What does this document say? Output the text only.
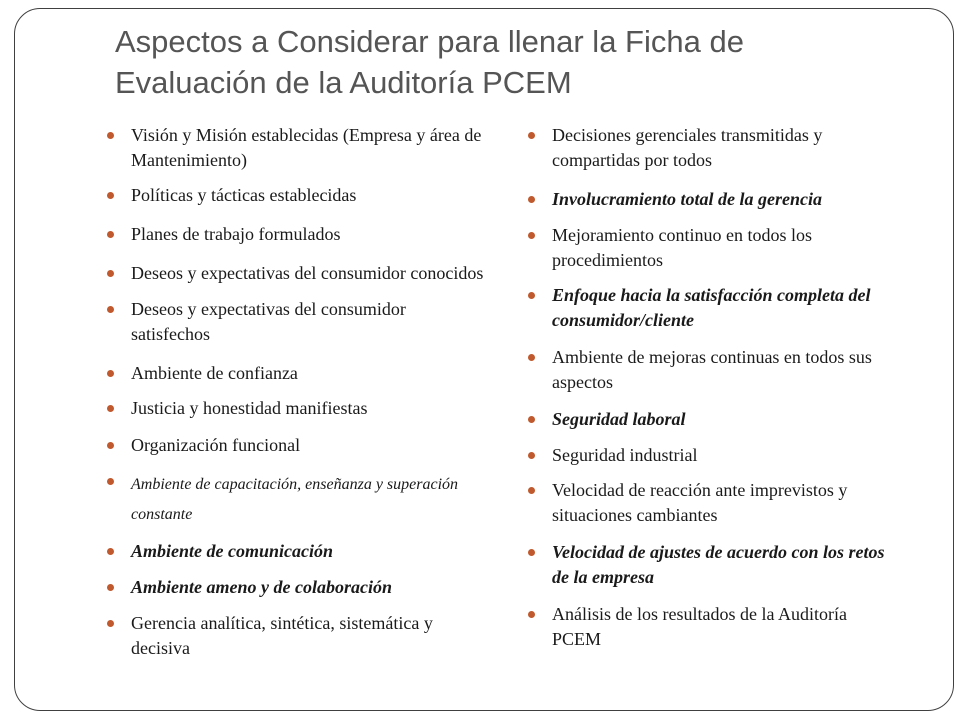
Aspectos a Considerar para llenar la Ficha de
Evaluación de la Auditoría PCEM
Visión y Misión establecidas (Empresa y área de Mantenimiento)
Políticas y tácticas establecidas
Planes de trabajo formulados
Deseos y expectativas del consumidor conocidos
Deseos y expectativas del consumidor satisfechos
Ambiente de confianza
Justicia y honestidad manifiestas
Organización funcional
Ambiente de capacitación, enseñanza y superación constante
Ambiente de comunicación
Ambiente ameno y de colaboración
Gerencia analítica, sintética, sistemática y decisiva
Decisiones gerenciales transmitidas y compartidas por todos
Involucramiento total de la gerencia
Mejoramiento continuo en todos los procedimientos
Enfoque hacia la satisfacción completa del consumidor/cliente
Ambiente de mejoras continuas en todos sus aspectos
Seguridad laboral
Seguridad industrial
Velocidad de reacción ante imprevistos y situaciones cambiantes
Velocidad de ajustes de acuerdo con los retos de la empresa
Análisis de los resultados de la Auditoría PCEM
